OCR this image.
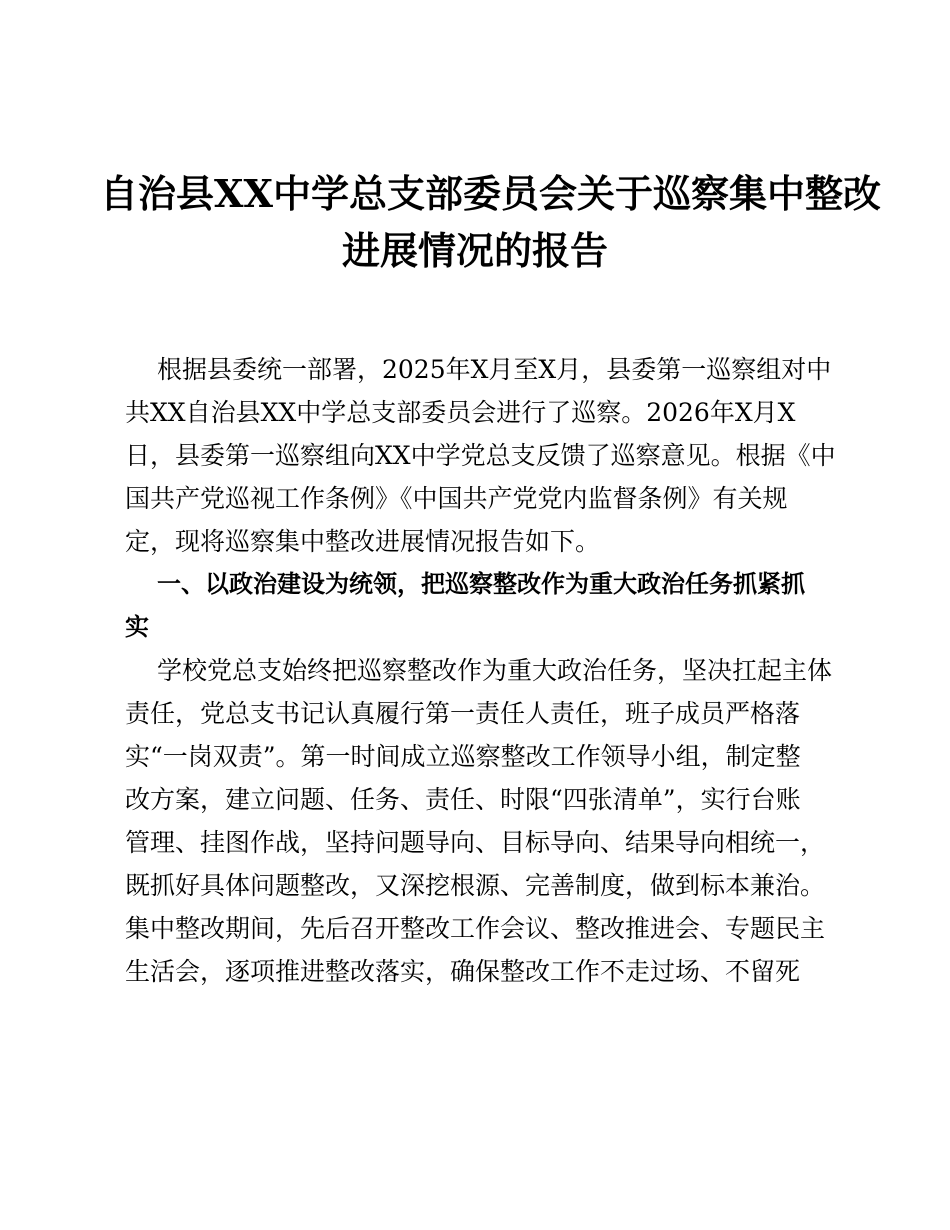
自治县XX中学总支部委员会关于巡察集中整改
进展情况的报告
根据县委统一部署，2025年X月至X月，县委第一巡察组对中
共XX自治县XX中学总支部委员会进行了巡察。2026年X月X
日，县委第一巡察组向XX中学党总支反馈了巡察意见。根据《中
国共产党巡视工作条例》《中国共产党党内监督条例》有关规
定，现将巡察集中整改进展情况报告如下。
一、以政治建设为统领，把巡察整改作为重大政治任务抓紧抓
实
学校党总支始终把巡察整改作为重大政治任务，坚决扛起主体
责任，党总支书记认真履行第一责任人责任，班子成员严格落
实“一岗双责”。第一时间成立巡察整改工作领导小组，制定整
改方案，建立问题、任务、责任、时限“四张清单”，实行台账
管理、挂图作战，坚持问题导向、目标导向、结果导向相统一，
既抓好具体问题整改，又深挖根源、完善制度，做到标本兼治。
集中整改期间，先后召开整改工作会议、整改推进会、专题民主
生活会，逐项推进整改落实，确保整改工作不走过场、不留死
